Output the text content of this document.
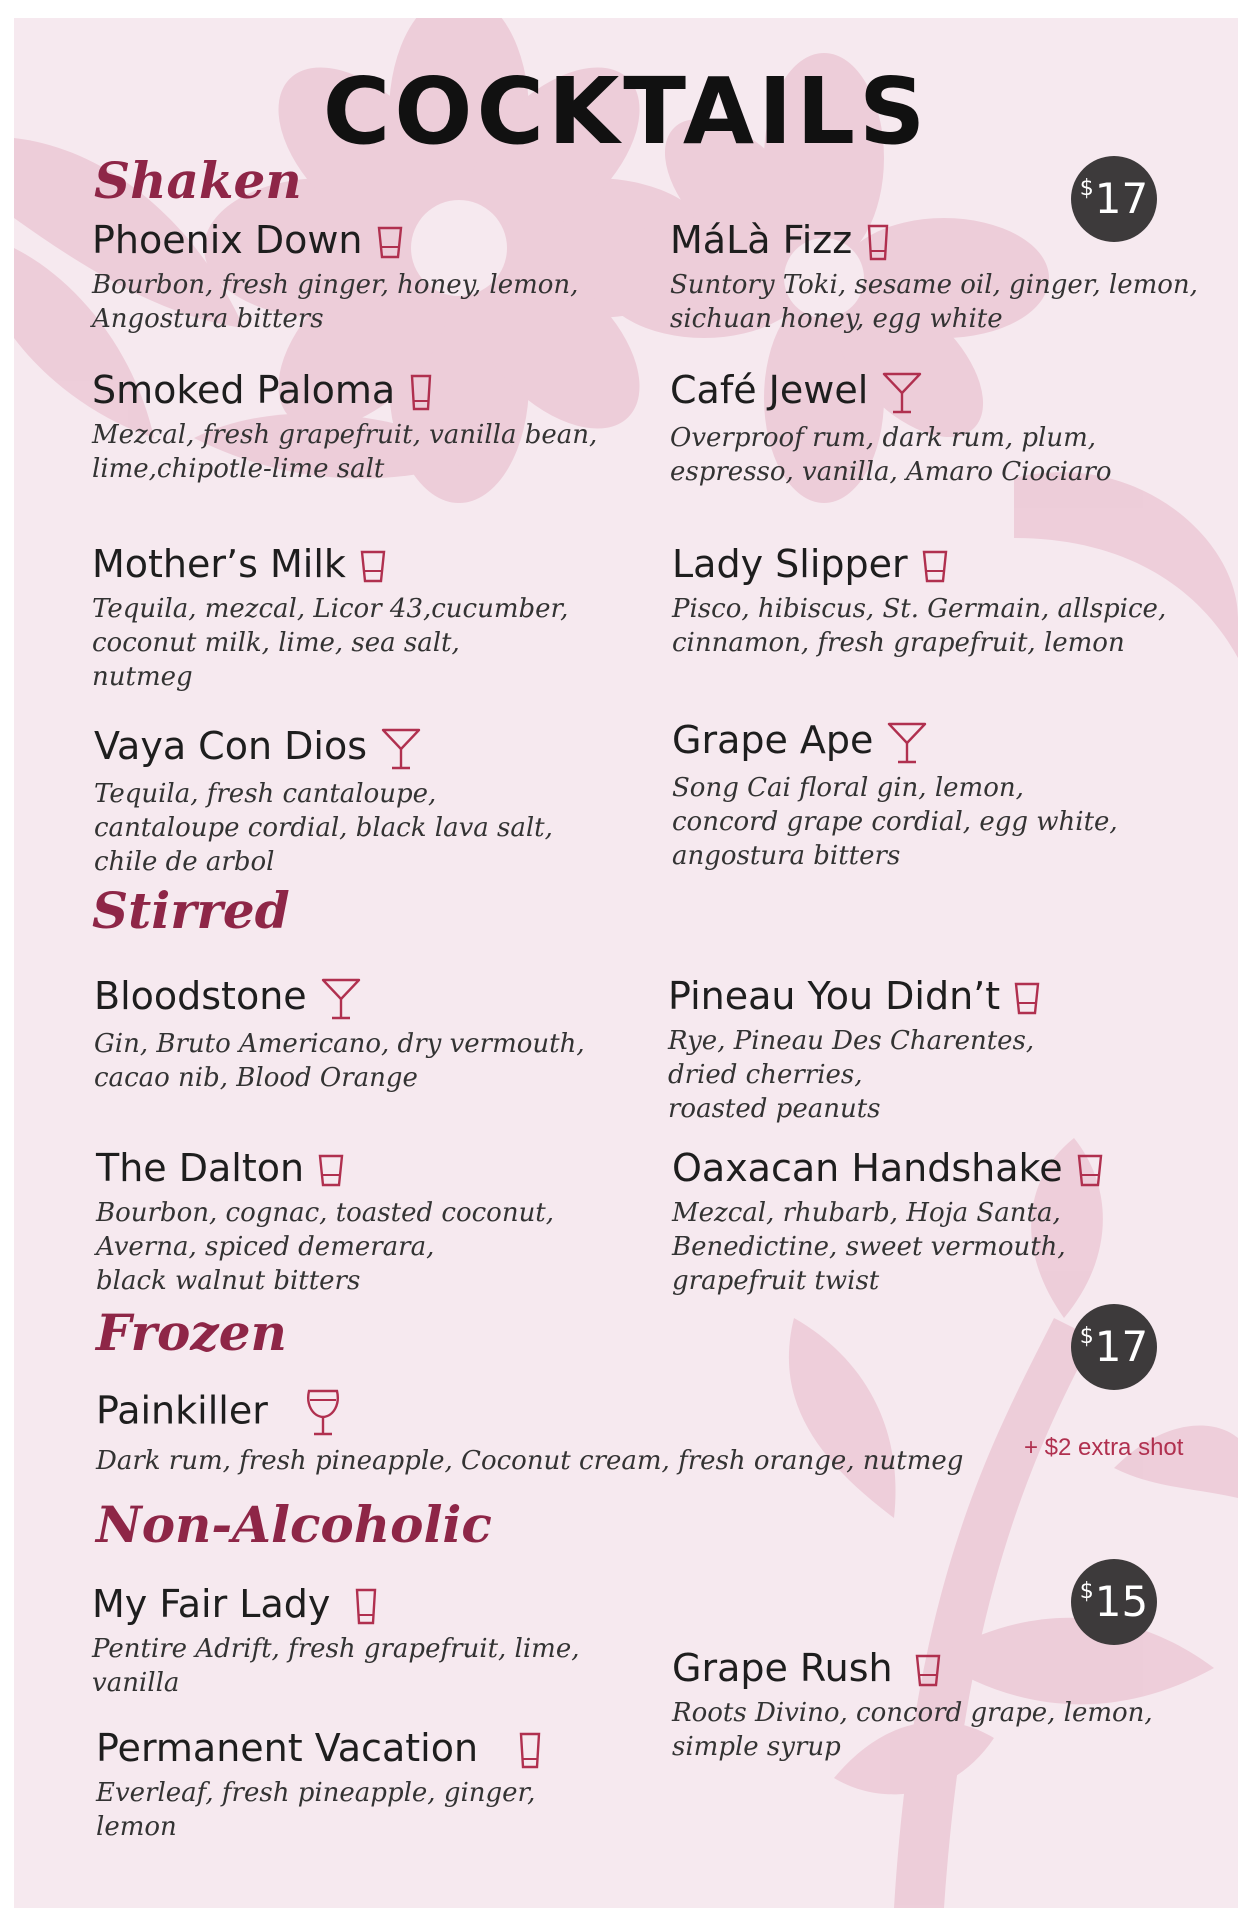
COCKTAILS
$17
$17
$15
Shaken
Stirred
Frozen
Non-Alcoholic
Phoenix Down
Bourbon, fresh ginger, honey, lemon,
Angostura bitters
MáLà Fizz
Suntory Toki, sesame oil, ginger, lemon,
sichuan honey, egg white
Smoked Paloma
Mezcal, fresh grapefruit, vanilla bean,
lime,chipotle-lime salt
Café Jewel
Overproof rum, dark rum, plum,
espresso, vanilla, Amaro Ciociaro
Mother’s Milk
Tequila, mezcal, Licor 43,cucumber,
coconut milk, lime, sea salt,
nutmeg
Lady Slipper
Pisco, hibiscus, St. Germain, allspice,
cinnamon, fresh grapefruit, lemon
Vaya Con Dios
Tequila, fresh cantaloupe,
cantaloupe cordial, black lava salt,
chile de arbol
Grape Ape
Song Cai floral gin, lemon,
concord grape cordial, egg white,
angostura bitters
Bloodstone
Gin, Bruto Americano, dry vermouth,
cacao nib, Blood Orange
Pineau You Didn’t
Rye, Pineau Des Charentes,
dried cherries,
roasted peanuts
The Dalton
Bourbon, cognac, toasted coconut,
Averna, spiced demerara,
black walnut bitters
Oaxacan Handshake
Mezcal, rhubarb, Hoja Santa,
Benedictine, sweet vermouth,
grapefruit twist
Painkiller
Dark rum, fresh pineapple, Coconut cream, fresh orange, nutmeg	+ $2 extra shot
My Fair Lady
Pentire Adrift, fresh grapefruit, lime,
vanilla	Grape Rush
Roots Divino, concord grape, lemon,
simple syrup
Permanent Vacation
Everleaf, fresh pineapple, ginger,
lemon
